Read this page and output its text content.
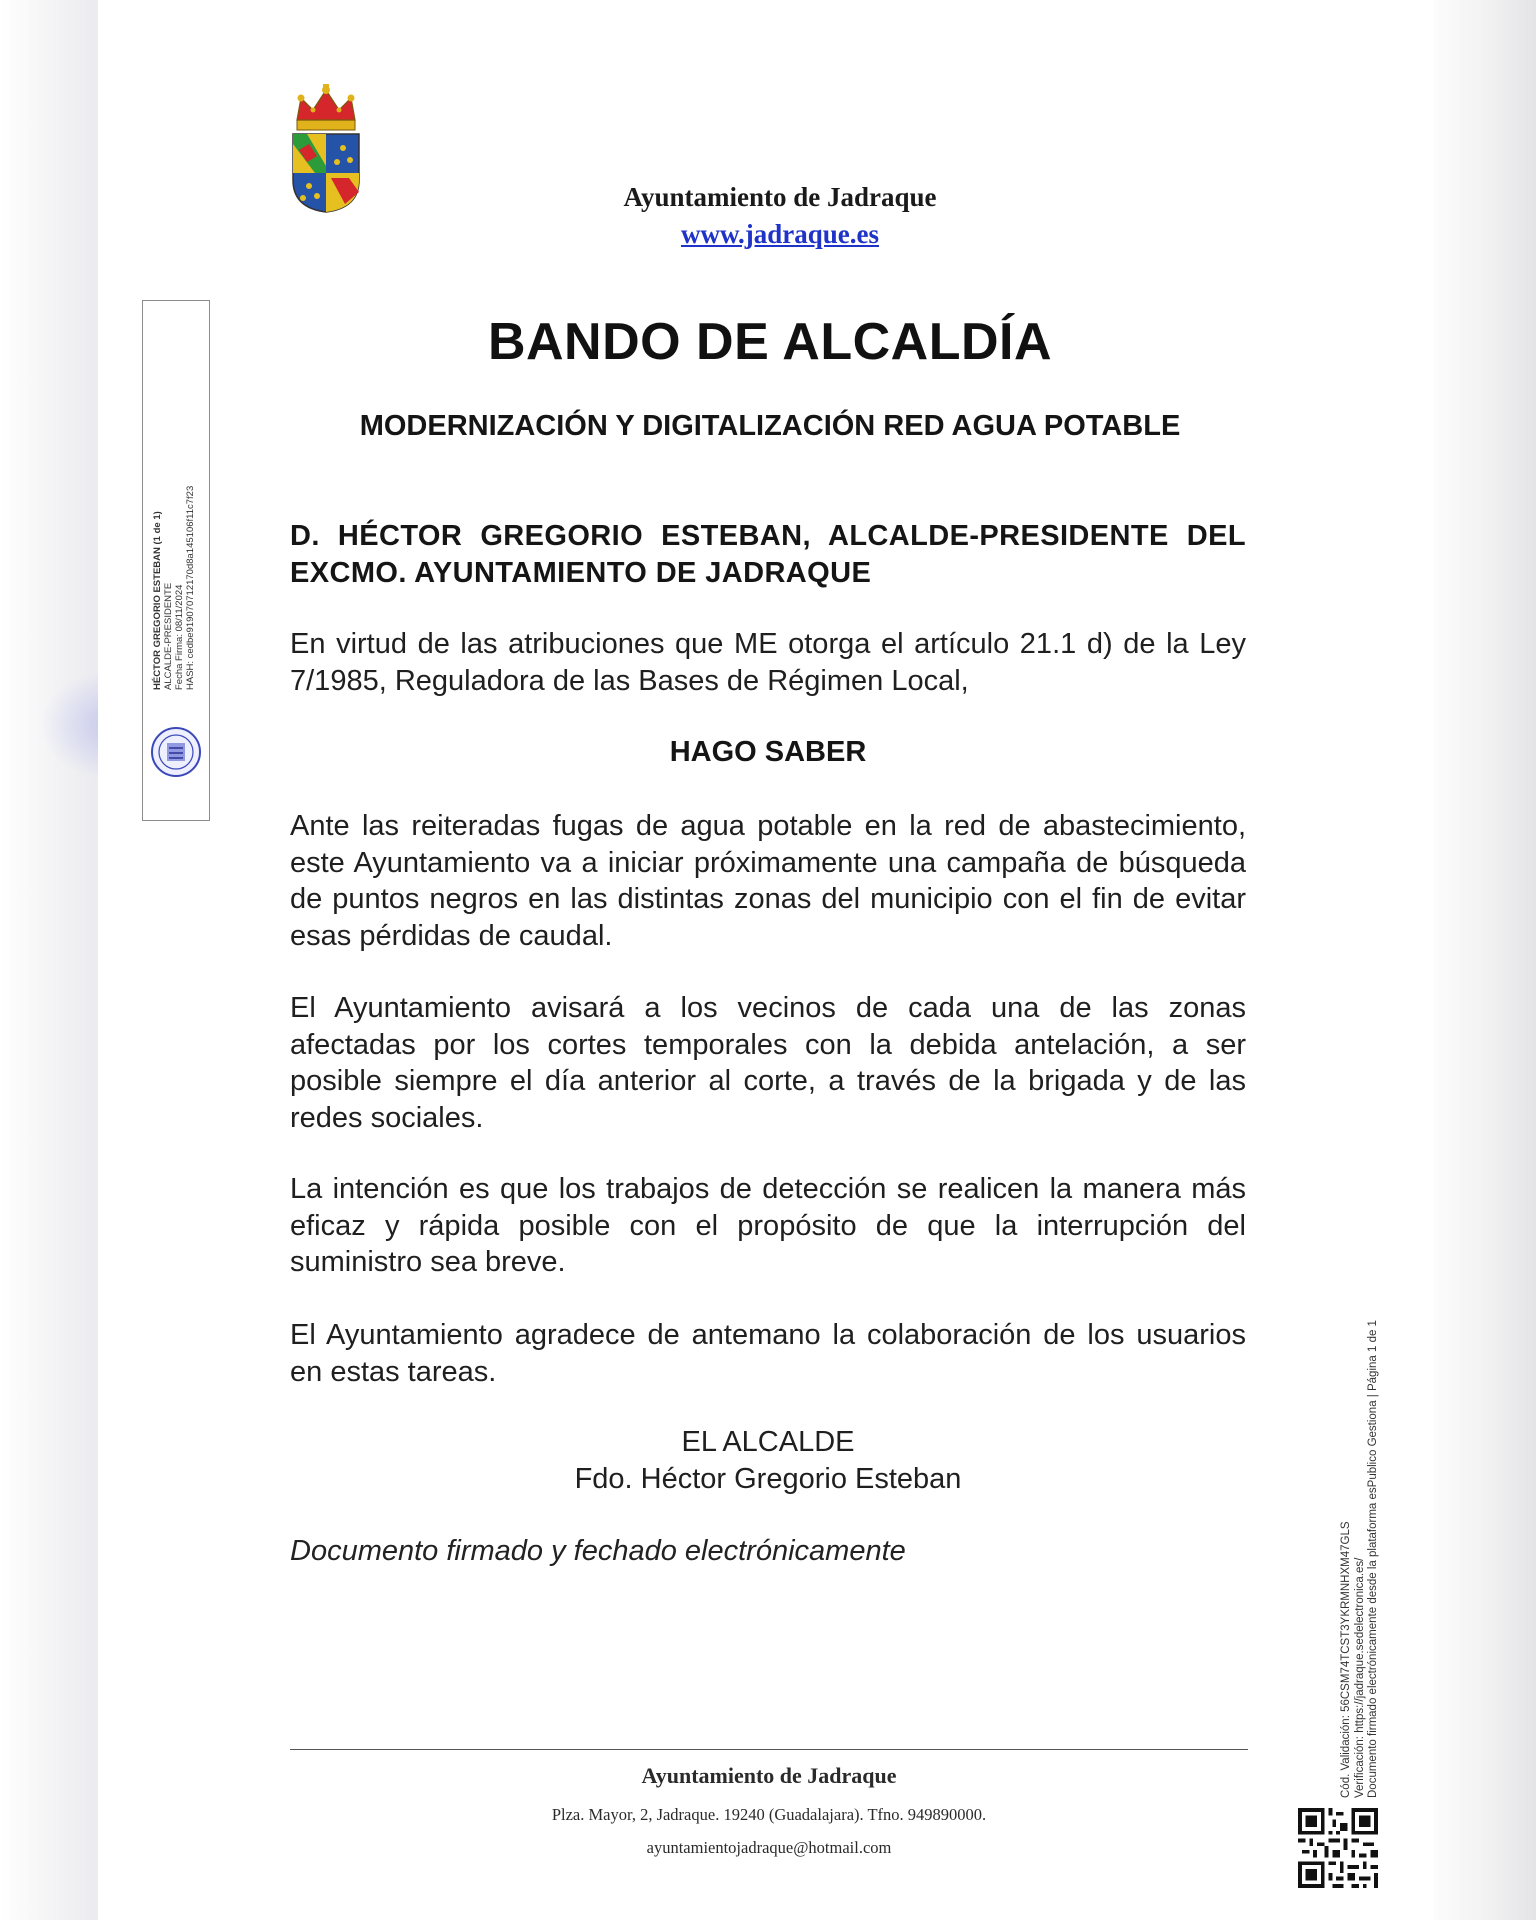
Ayuntamiento de Jadraque
www.jadraque.es
HÉCTOR GREGORIO ESTEBAN (1 de 1) ALCALDE-PRESIDENTE Fecha Firma: 08/11/2024 HASH: cedbe919070712170d8a145106f11c7f23
BANDO DE ALCALDÍA
MODERNIZACIÓN Y DIGITALIZACIÓN RED AGUA POTABLE
D. HÉCTOR GREGORIO ESTEBAN, ALCALDE-PRESIDENTE DEL EXCMO. AYUNTAMIENTO DE JADRAQUE
En virtud de las atribuciones que ME otorga el artículo 21.1 d) de la Ley 7/1985, Reguladora de las Bases de Régimen Local,
HAGO SABER
Ante las reiteradas fugas de agua potable en la red de abastecimiento, este Ayuntamiento va a iniciar próximamente una campaña de búsqueda de puntos negros en las distintas zonas del municipio con el fin de evitar esas pérdidas de caudal.
El Ayuntamiento avisará a los vecinos de cada una de las zonas afectadas por los cortes temporales con la debida antelación, a ser posible siempre el día anterior al corte, a través de la brigada y de las redes sociales.
La intención es que los trabajos de detección se realicen la manera más eficaz y rápida posible con el propósito de que la interrupción del suministro sea breve.
El Ayuntamiento agradece de antemano la colaboración de los usuarios en estas tareas.
EL ALCALDE
Fdo. Héctor Gregorio Esteban
Documento firmado y fechado electrónicamente
Ayuntamiento de Jadraque
Plza. Mayor, 2, Jadraque. 19240 (Guadalajara). Tfno. 949890000.
ayuntamientojadraque@hotmail.com
Cód. Validación: 56CSM74TCST3YKRMNHXM47GLS Verificación: https://jadraque.sedelectronica.es/ Documento firmado electrónicamente desde la plataforma esPublico Gestiona | Página 1 de 1
